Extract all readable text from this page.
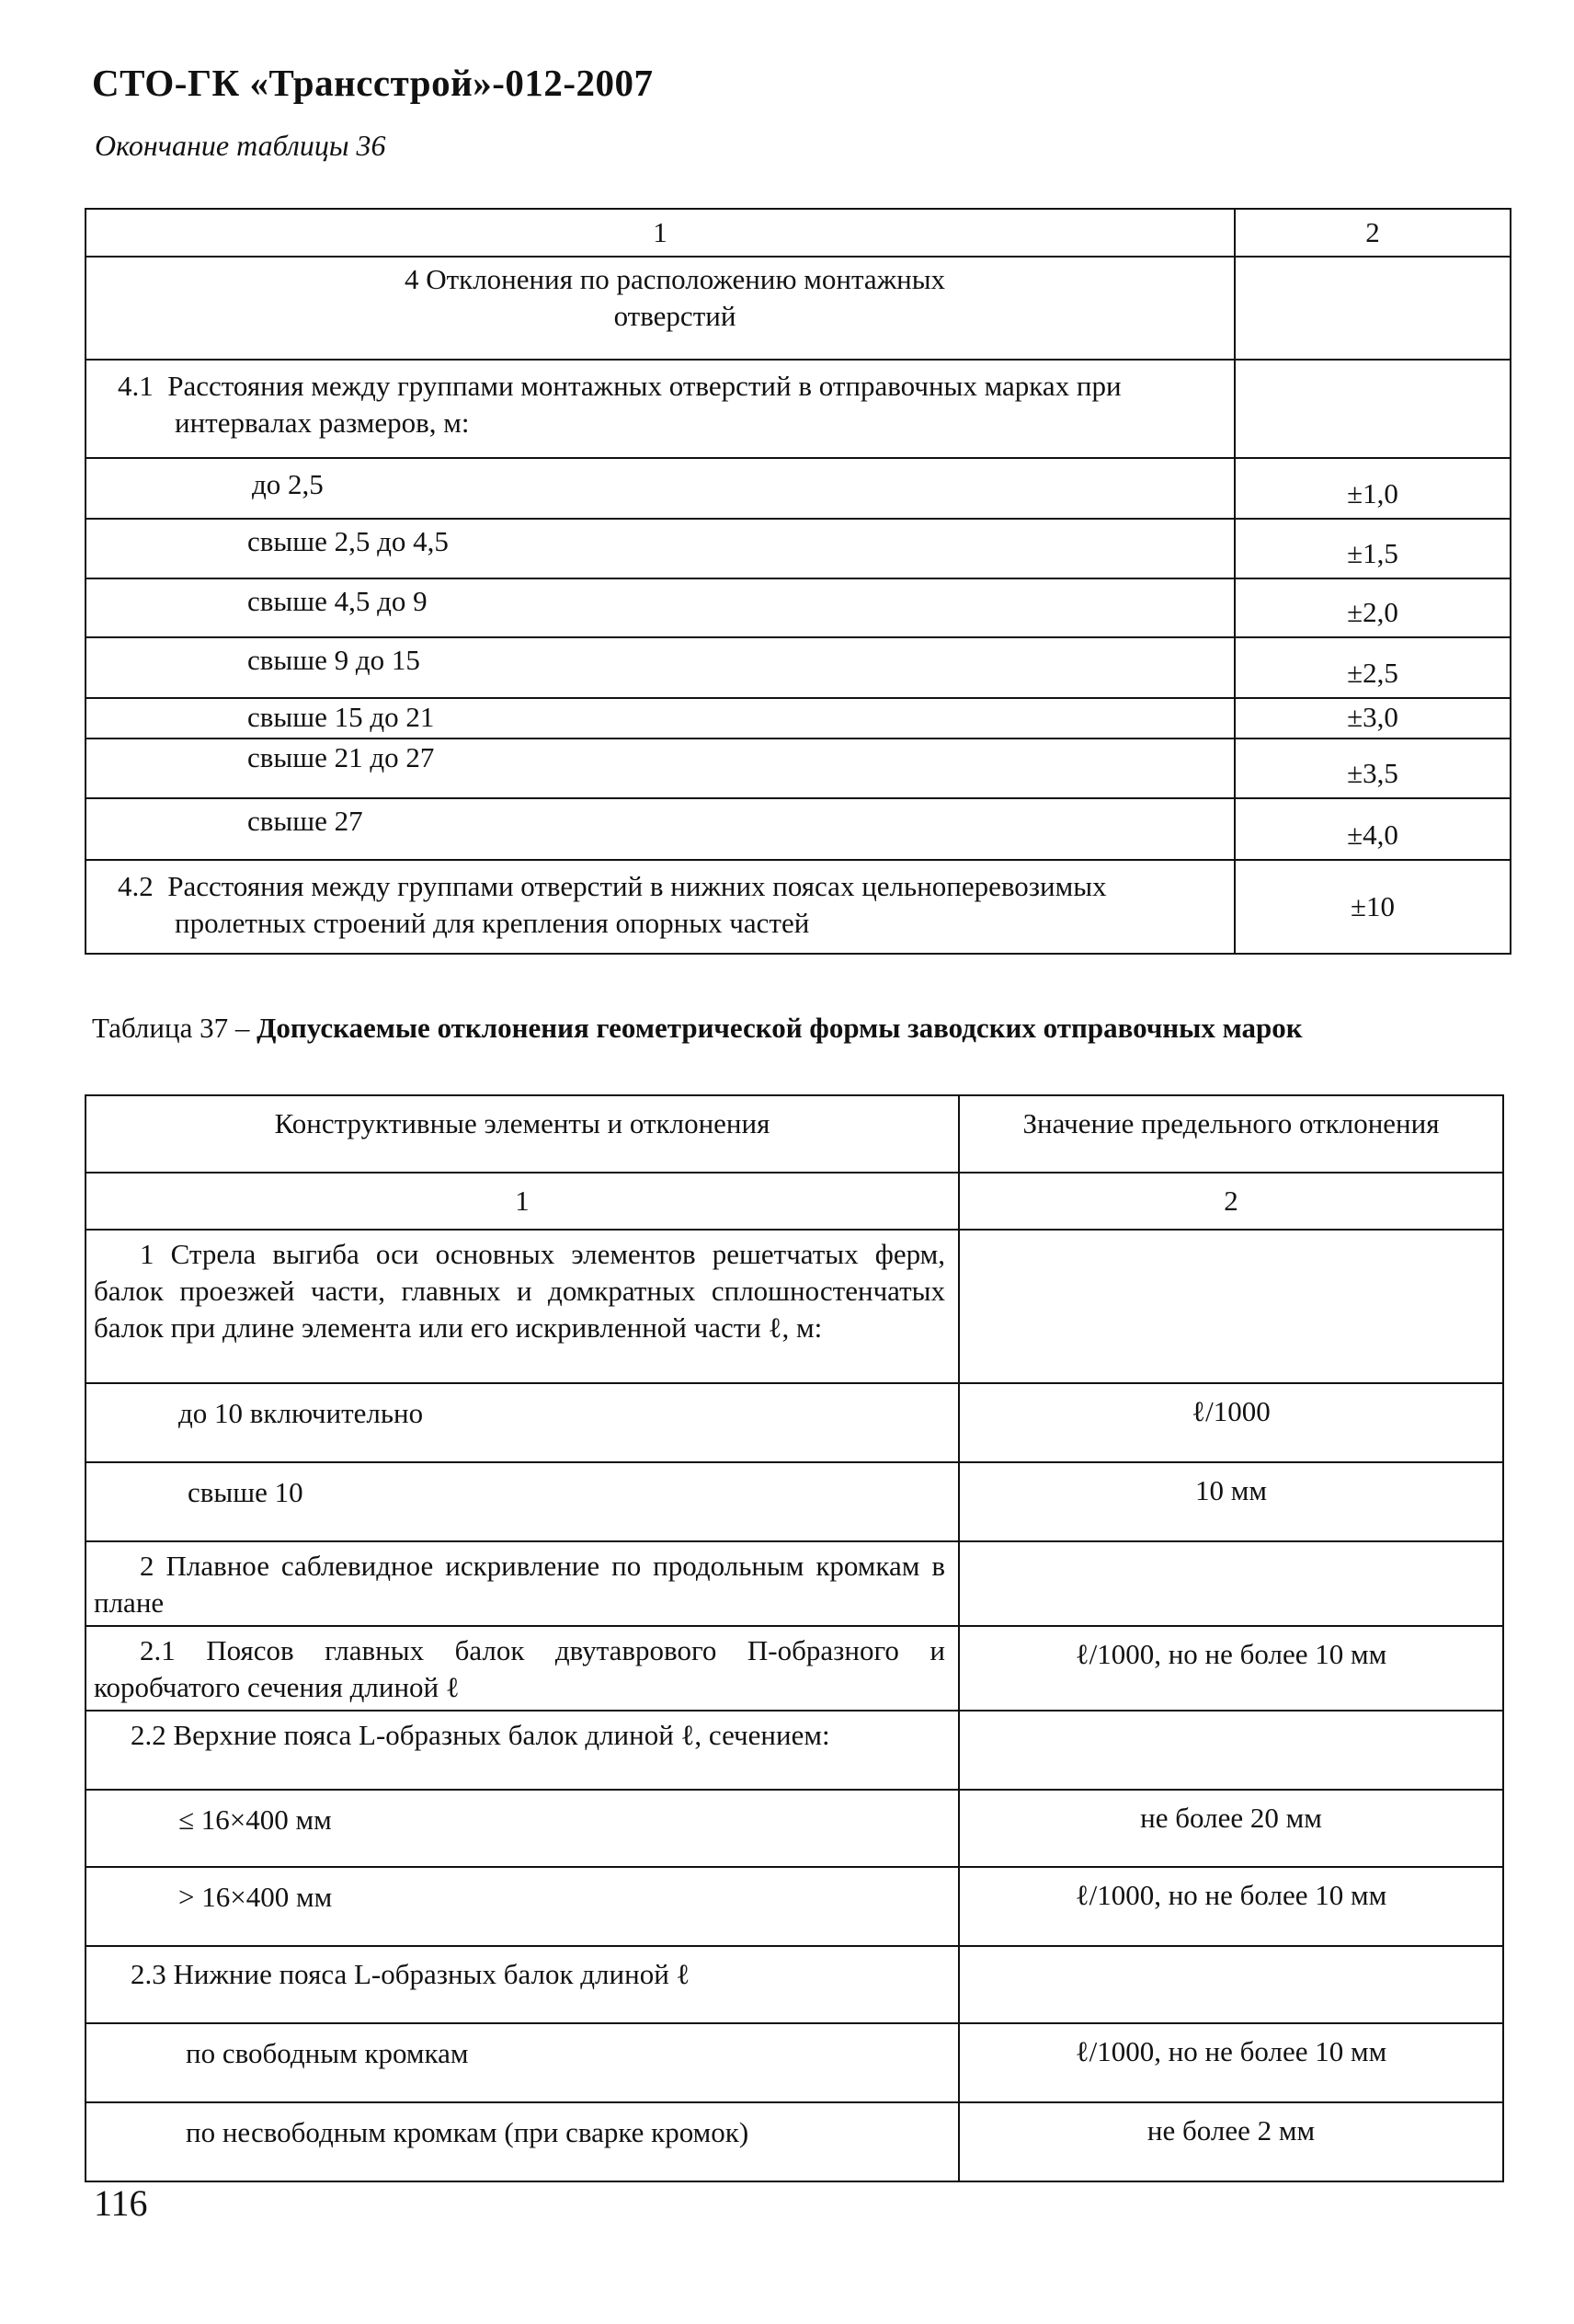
СТО-ГК «Трансстрой»-012-2007
Окончание таблицы 36
1	2

4 Отклонения по расположению монтажных отверстий	

4.1 Расстояния между группами монтажных отверстий в отправочных марках при интервалах размеров, м:	

до 2,5	±1,0
свыше 2,5 до 4,5	±1,5
свыше 4,5 до 9	±2,0
свыше 9 до 15	±2,5
свыше 15 до 21	±3,0
свыше 21 до 27	±3,5
свыше 27	±4,0

4.2 Расстояния между группами отверстий в нижних поясах цельноперевозимых пролетных строений для крепления опорных частей	±10
Таблица 37 – Допускаемые отклонения геометрической формы заводских отправочных марок
Конструктивные элементы и отклонения	Значение предельного отклонения
1	2
1 Стрела выгиба оси основных элементов решетчатых ферм, балок проезжей части, главных и домкратных сплошностенчатых балок при длине элемента или его искривленной части ℓ, м:	
до 10 включительно	ℓ/1000
свыше 10	10 мм
2 Плавное саблевидное искривление по продольным кромкам в плане	
2.1 Поясов главных балок двутаврового П-образного и коробчатого сечения длиной ℓ	ℓ/1000, но не более 10 мм
2.2 Верхние пояса L-образных балок длиной ℓ, сечением:	
≤ 16×400 мм	не более 20 мм
> 16×400 мм	ℓ/1000, но не более 10 мм
2.3 Нижние пояса L-образных балок длиной ℓ	
по свободным кромкам	ℓ/1000, но не более 10 мм
по несвободным кромкам (при сварке кромок)	не более 2 мм
116
